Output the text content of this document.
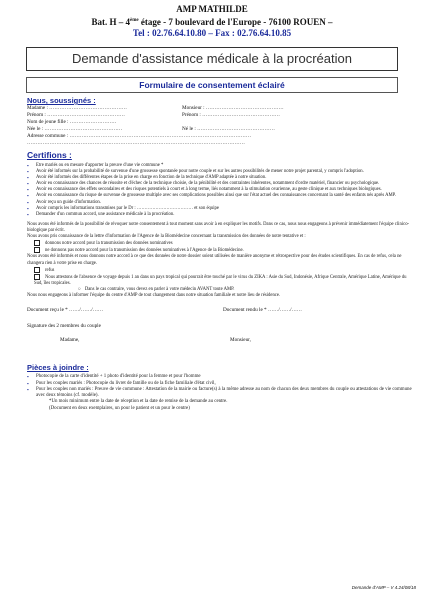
AMP MATHILDE
Bat. H – 4ème étage - 7 boulevard de l'Europe - 76100 ROUEN –
Tel : 02.76.64.10.80 – Fax : 02.76.64.10.85
Demande d'assistance médicale à la procréation
Formulaire de consentement éclairé
Nous, soussignés :
Madame : ………………………………………	Monsieur : ………………………………………
Prénom : ………………………………………	Prénom : ………………………………………
Nom de jeune fille : ………………………
Née le : ………………………………………	Né le : ………………………………………
Adresse commune : ……………………………………………………………………………………………
………………………………………………………………………………………………………………
Certifions :
▪ Etre mariés ou en mesure d'apporter la preuve d'une vie commune *
▪ Avoir été informés sur la probabilité de survenue d'une grossesse spontanée pour notre couple et sur les autres possibilités de mener notre projet parental, y compris l'adoption.
▪ Avoir été informés des différentes étapes de la prise en charge en fonction de la technique d'AMP adaptée à notre situation.
▪ Avoir eu connaissance des chances de réussite et d'échec de la technique choisie, de la pénibilité et des contraintes inhérentes, notamment d'ordre matériel, financier ou psychologique.
▪ Avoir eu connaissance des effets secondaires et des risques potentiels à court et à long terme, liés notamment à la stimulation ovarienne, au geste clinique et aux techniques biologiques.
▪ Avoir eu connaissance du risque de survenue de grossesse multiple avec ses complications possibles ainsi que sur l'état actuel des connaissances concernant la santé des enfants nés après AMP.
▪ Avoir reçu un guide d'information.
▪ Avoir compris les informations transmises par le Dr : ……………………………… et son équipe
▪ Demander d'un commun accord, une assistance médicale à la procréation.
Nous avons été informés de la possibilité de révoquer notre consentement à tout moment sans avoir à en expliquer les motifs. Dans ce cas, nous nous engageons à prévenir immédiatement l'équipe clinico-biologique par écrit.
Nous avons pris connaissance de la lettre d'information de l'Agence de la Biomédecine concernant la transmission des données de notre tentative et :
donnons notre accord pour la transmission des données nominatives
ne donnons pas notre accord pour la transmission des données nominatives à l'Agence de la Biomédecine.
Nous avons été informés et nous donnons notre accord à ce que des données de notre dossier soient utilisées de manière anonyme et rétrospective pour des études scientifiques. En cas de refus, cela ne changera rien à votre prise en charge.
refus
Nous attestons de l'absence de voyage depuis 1 an dans un pays tropical qui pourrait être touché par le virus du ZIKA : Asie du Sud, Indonésie, Afrique Centrale, Amérique Latine, Amérique du Sud, îles tropicales.
○ Dans le cas contraire, vous devez en parler à votre médecin AVANT toute AMP.
Nous nous engageons à informer l'équipe du centre d'AMP de tout changement dans notre situation familiale et notre lieu de résidence.
Document reçu le * ……/……/……	Document rendu le * ……/……/……
Signature des 2 membres du couple
Madame,	Monsieur,
Pièces à joindre :
▪ Photocopie de la carte d'identité + 1 photo d'identité pour la femme et pour l'homme
▪ Pour les couples mariés : Photocopie du livret de famille ou de la fiche familiale d'état civil,
▪ Pour les couples non mariés : Preuve de vie commune : Attestation de la mairie ou facture(s) à la même adresse au nom de chacun des deux membres du couple ou attestations de vie commune avec deux témoins (cf. modèle).
*Un mois minimum entre la date de réception et la date de remise de la demande au centre.
(Document en deux exemplaires, un pour le patient et un pour le centre)
Demande d'AMP – V 4.24/08/18
